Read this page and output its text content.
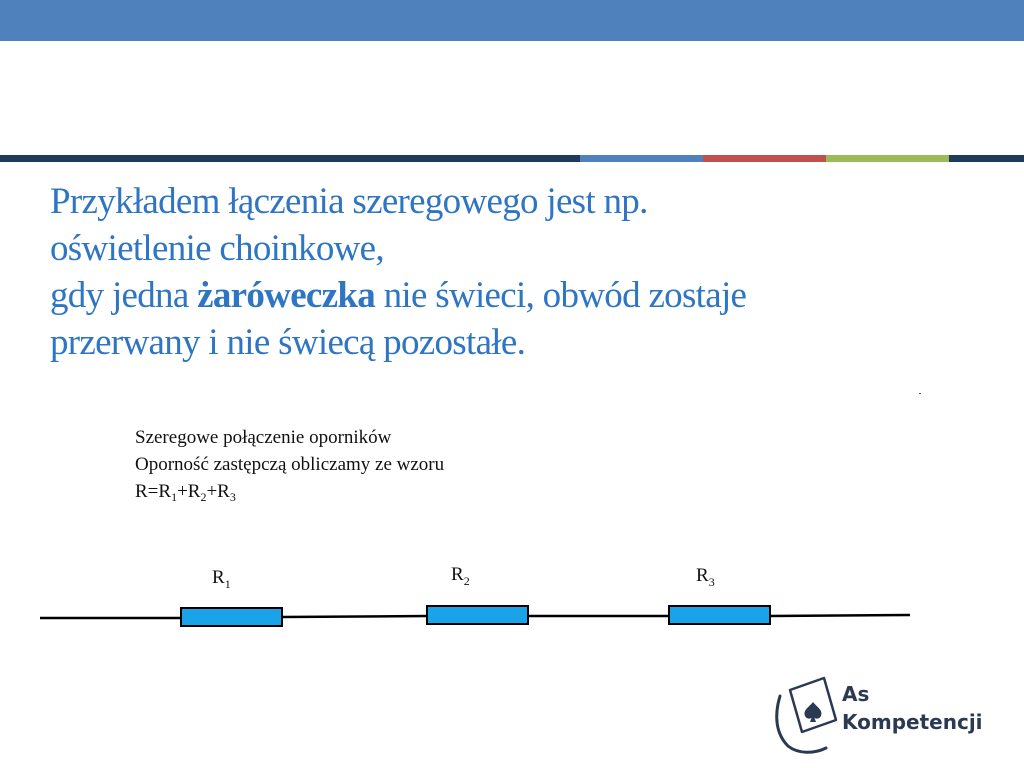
Przykładem łączenia szeregowego jest np.
oświetlenie choinkowe,
gdy jedna żaróweczka nie świeci, obwód zostaje
przerwany i nie świecą pozostałe.
Szeregowe połączenie oporników
Oporność zastępczą obliczamy ze wzoru
$R=R_1+R_2+R_3$
$R_1$	$R_2$	$R_3$
As
Kompetencji
